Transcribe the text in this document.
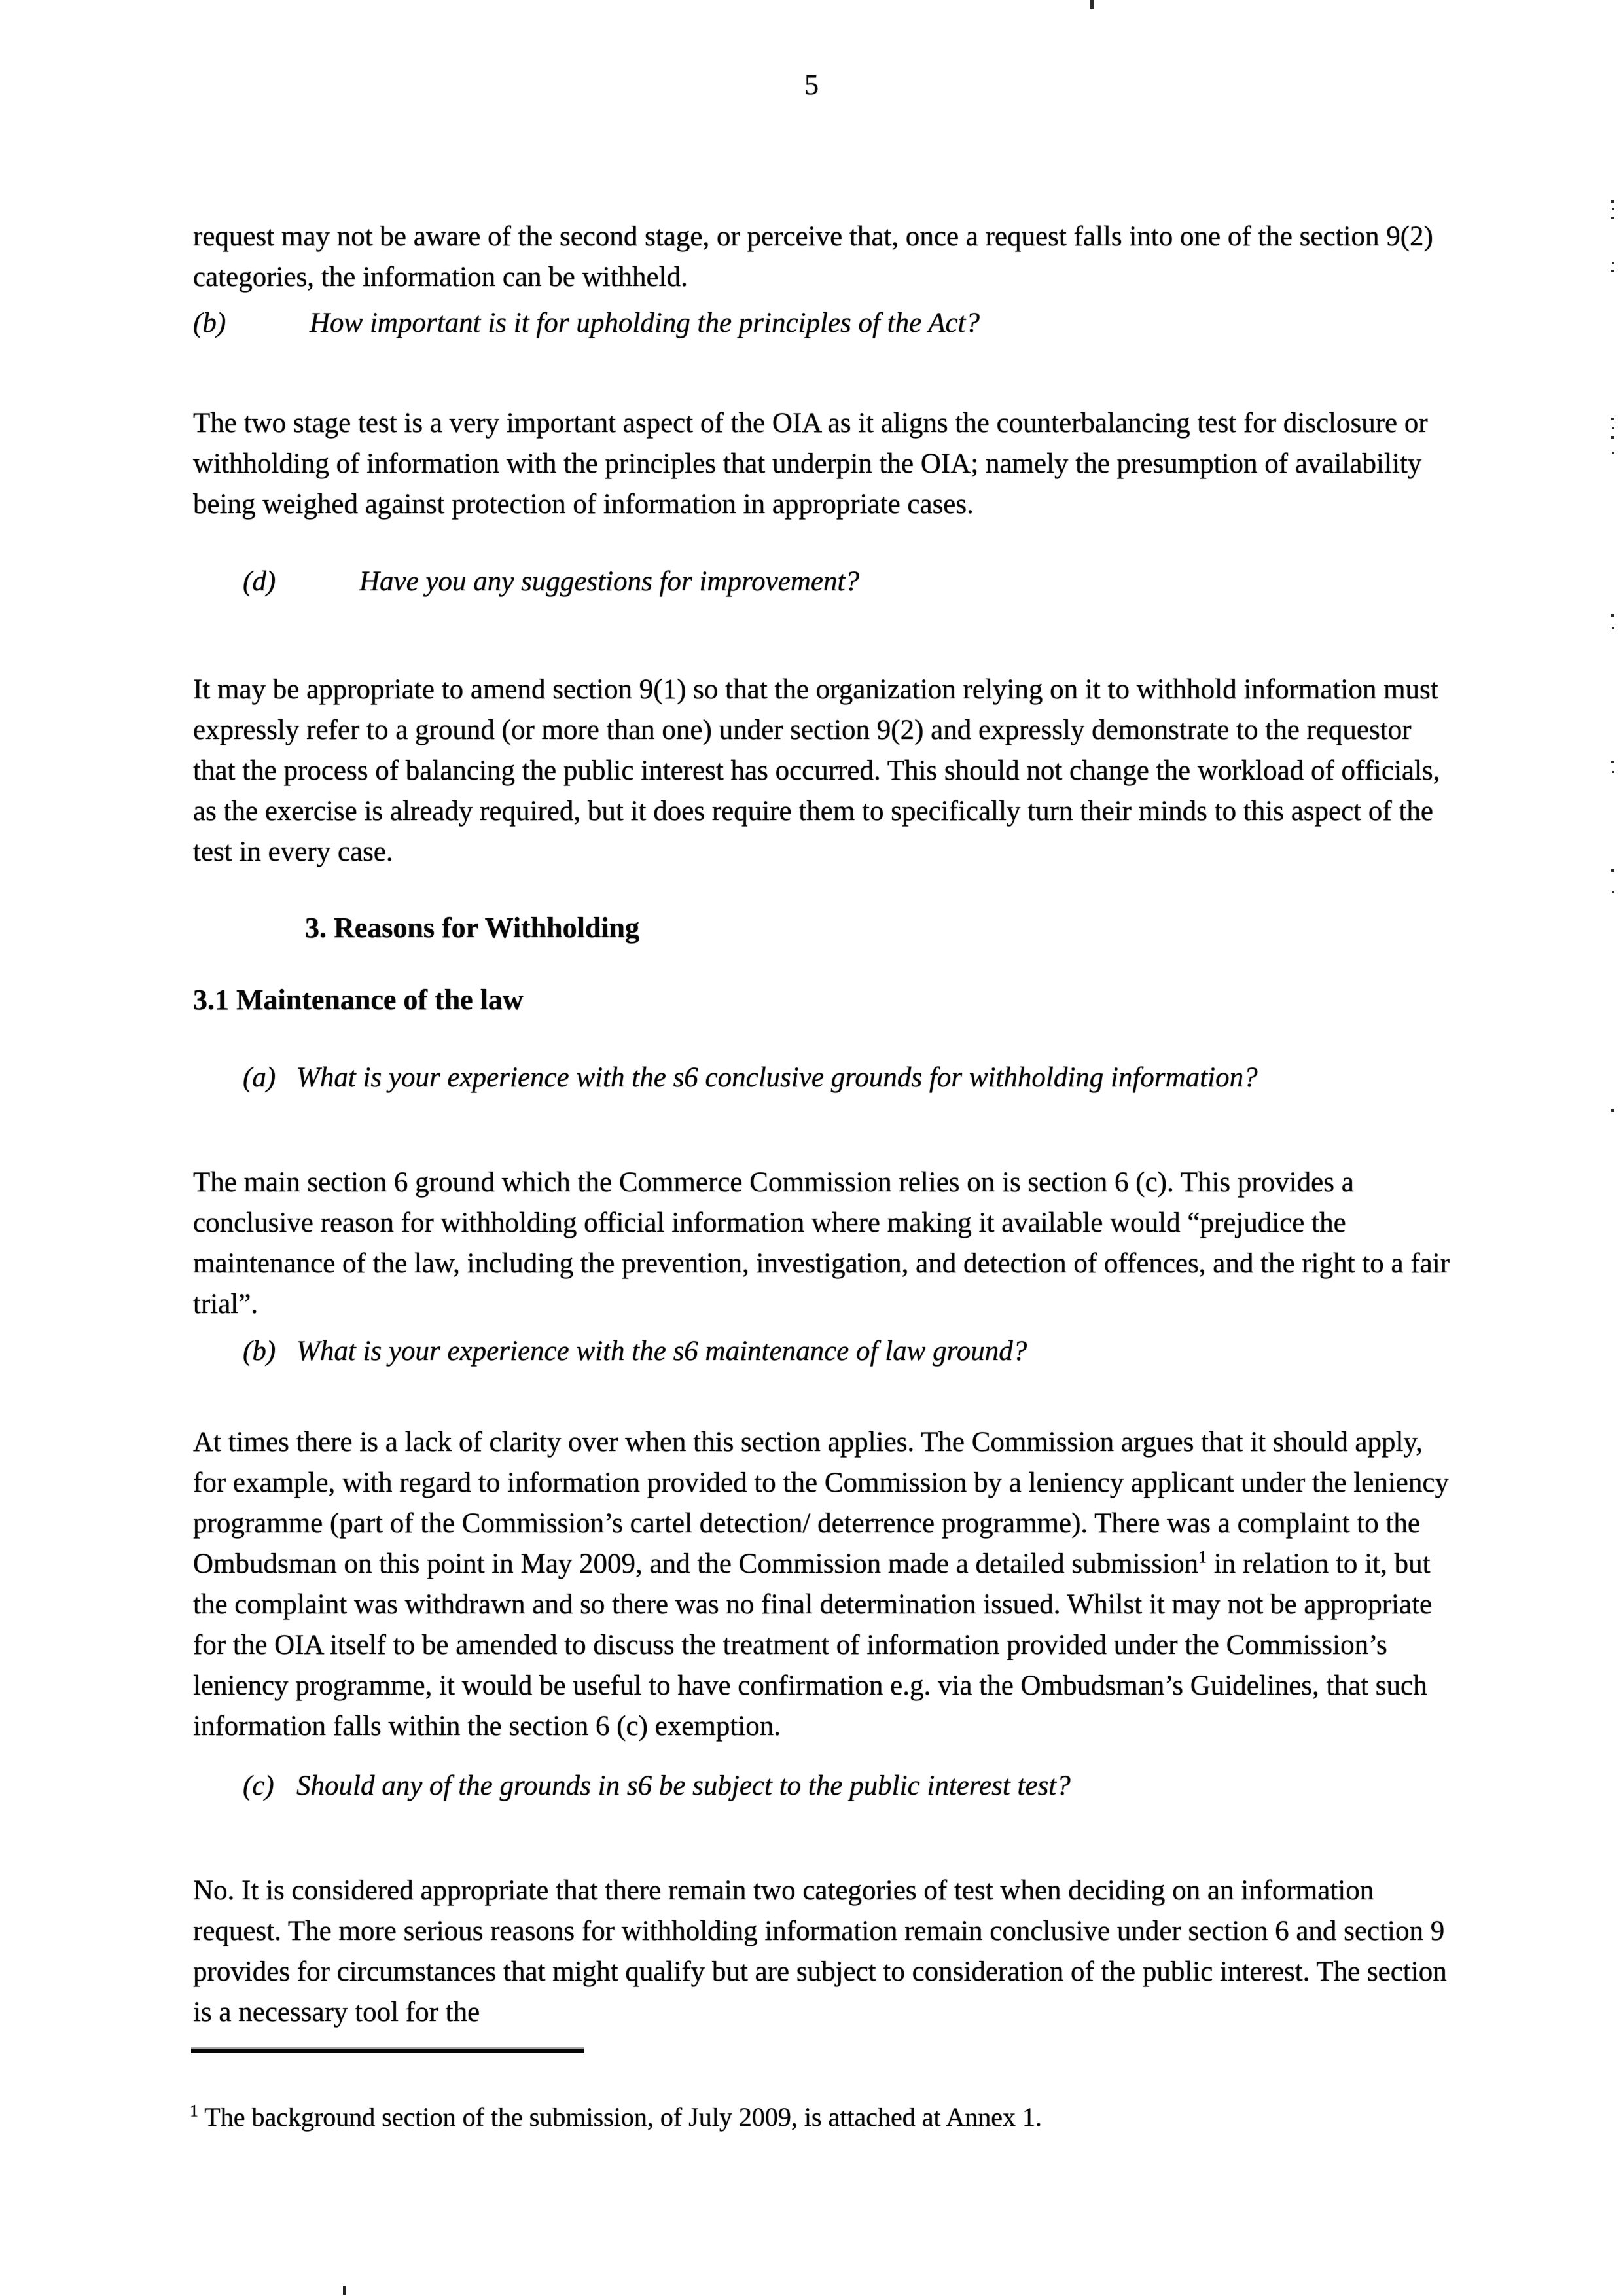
5

request may not be aware of the second stage, or perceive that, once a request falls into one of the section 9(2) categories, the information can be withheld.

(b)	How important is it for upholding the principles of the Act?

The two stage test is a very important aspect of the OIA as it aligns the counterbalancing test for disclosure or withholding of information with the principles that underpin the OIA; namely the presumption of availability being weighed against protection of information in appropriate cases.

(d)	Have you any suggestions for improvement?

It may be appropriate to amend section 9(1) so that the organization relying on it to withhold information must expressly refer to a ground (or more than one) under section 9(2) and expressly demonstrate to the requestor that the process of balancing the public interest has occurred. This should not change the workload of officials, as the exercise is already required, but it does require them to specifically turn their minds to this aspect of the test in every case.

3. Reasons for Withholding
3.1 Maintenance of the law
(a) What is your experience with the s6 conclusive grounds for withholding information?

The main section 6 ground which the Commerce Commission relies on is section 6 (c). This provides a conclusive reason for withholding official information where making it available would “prejudice the maintenance of the law, including the prevention, investigation, and detection of offences, and the right to a fair trial”.

(b) What is your experience with the s6 maintenance of law ground?

At times there is a lack of clarity over when this section applies. The Commission argues that it should apply, for example, with regard to information provided to the Commission by a leniency applicant under the leniency programme (part of the Commission’s cartel detection/ deterrence programme). There was a complaint to the Ombudsman on this point in May 2009, and the Commission made a detailed submission$^1$ in relation to it, but the complaint was withdrawn and so there was no final determination issued. Whilst it may not be appropriate for the OIA itself to be amended to discuss the treatment of information provided under the Commission’s leniency programme, it would be useful to have confirmation e.g. via the Ombudsman’s Guidelines, that such information falls within the section 6 (c) exemption.

(c) Should any of the grounds in s6 be subject to the public interest test?

No. It is considered appropriate that there remain two categories of test when deciding on an information request. The more serious reasons for withholding information remain conclusive under section 6 and section 9 provides for circumstances that might qualify but are subject to consideration of the public interest. The section is a necessary tool for the

$^1$ The background section of the submission, of July 2009, is attached at Annex 1.
